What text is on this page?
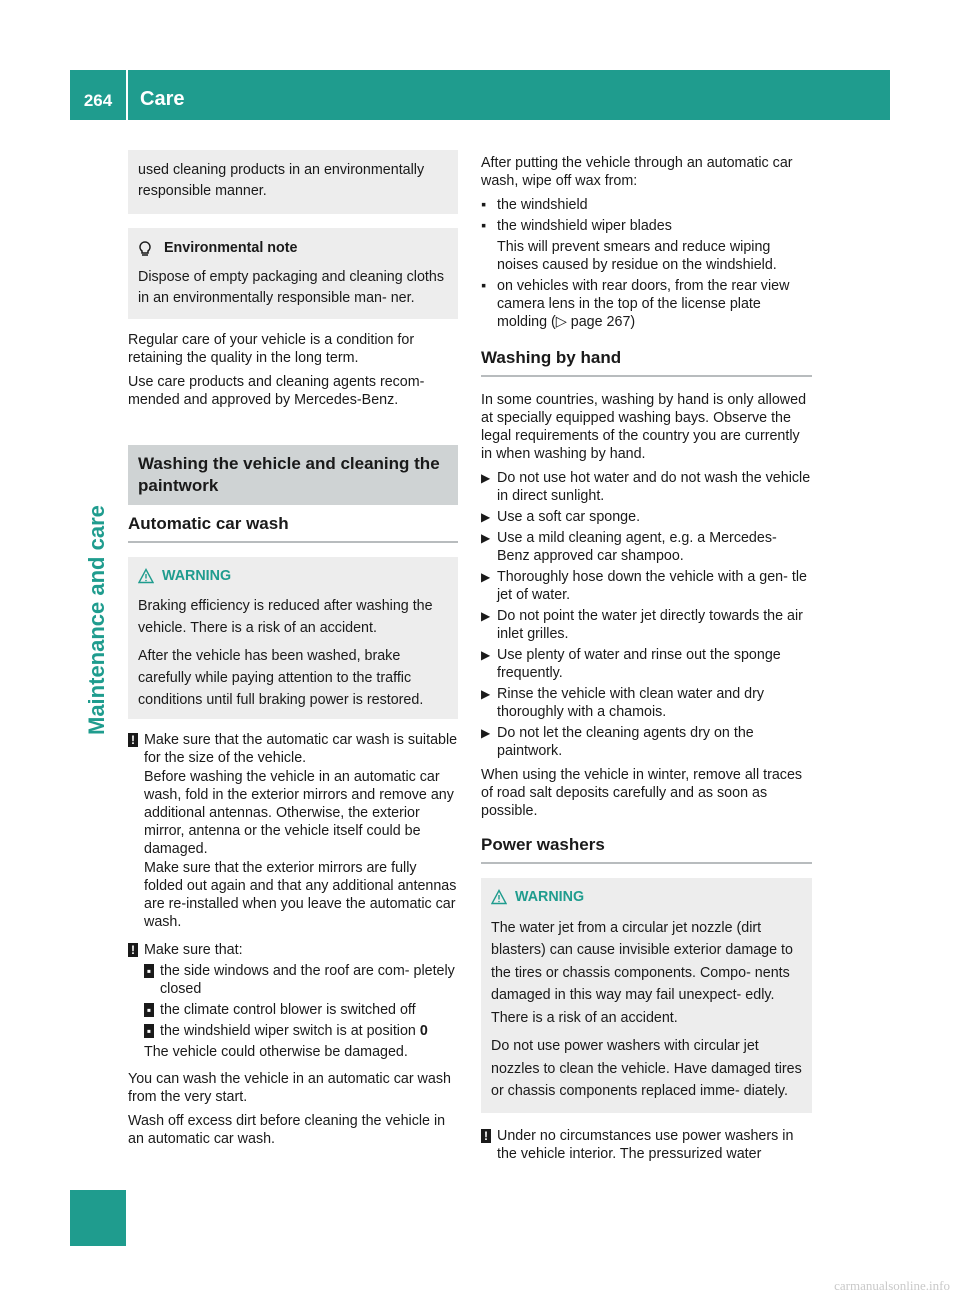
264	Care
Maintenance and care

used cleaning products in an environmentally responsible manner.

Environmental note

Dispose of empty packaging and cleaning cloths in an environmentally responsible man- ner.

Regular care of your vehicle is a condition for retaining the quality in the long term.

Use care products and cleaning agents recom- mended and approved by Mercedes-Benz.

Washing the vehicle and cleaning the paintwork
Automatic car wash
WARNING

Braking efficiency is reduced after washing the vehicle. There is a risk of an accident.

After the vehicle has been washed, brake carefully while paying attention to the traffic conditions until full braking power is restored.

! Make sure that the automatic car wash is suitable for the size of the vehicle.

Before washing the vehicle in an automatic car wash, fold in the exterior mirrors and remove any additional antennas. Otherwise, the exterior mirror, antenna or the vehicle itself could be damaged.

Make sure that the exterior mirrors are fully folded out again and that any additional antennas are re-installed when you leave the automatic car wash.

! Make sure that:

▪ the side windows and the roof are com- pletely closed
▪ the climate control blower is switched off
▪ the windshield wiper switch is at position 0

The vehicle could otherwise be damaged.

You can wash the vehicle in an automatic car wash from the very start.

Wash off excess dirt before cleaning the vehicle in an automatic car wash.

After putting the vehicle through an automatic car wash, wipe off wax from:

▪ the windshield
▪ the windshield wiper blades

This will prevent smears and reduce wiping noises caused by residue on the windshield.

▪ on vehicles with rear doors, from the rear view camera lens in the top of the license plate molding (▷ page 267)
Washing by hand

In some countries, washing by hand is only allowed at specially equipped washing bays. Observe the legal requirements of the country you are currently in when washing by hand.

▶ Do not use hot water and do not wash the vehicle in direct sunlight.
▶ Use a soft car sponge.
▶ Use a mild cleaning agent, e.g. a Mercedes- Benz approved car shampoo.
▶ Thoroughly hose down the vehicle with a gen- tle jet of water.
▶ Do not point the water jet directly towards the air inlet grilles.
▶ Use plenty of water and rinse out the sponge frequently.
▶ Rinse the vehicle with clean water and dry thoroughly with a chamois.
▶ Do not let the cleaning agents dry on the paintwork.

When using the vehicle in winter, remove all traces of road salt deposits carefully and as soon as possible.

Power washers
WARNING

The water jet from a circular jet nozzle (dirt blasters) can cause invisible exterior damage to the tires or chassis components. Compo- nents damaged in this way may fail unexpect- edly. There is a risk of an accident.

Do not use power washers with circular jet nozzles to clean the vehicle. Have damaged tires or chassis components replaced imme- diately.

! Under no circumstances use power washers in the vehicle interior. The pressurized water
carmanualsonline.info
